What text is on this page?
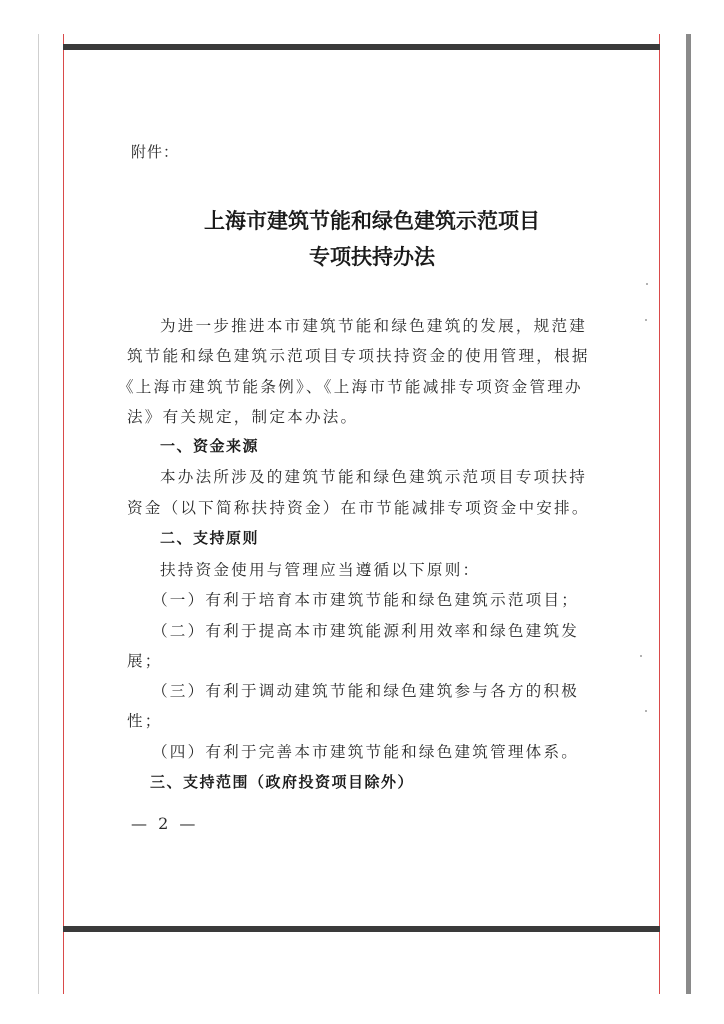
附件：
上海市建筑节能和绿色建筑示范项目
专项扶持办法
为进一步推进本市建筑节能和绿色建筑的发展，规范建
筑节能和绿色建筑示范项目专项扶持资金的使用管理，根据
《上海市建筑节能条例》、《上海市节能减排专项资金管理办
法》有关规定，制定本办法。
一、资金来源
本办法所涉及的建筑节能和绿色建筑示范项目专项扶持
资金（以下简称扶持资金）在市节能减排专项资金中安排。
二、支持原则
扶持资金使用与管理应当遵循以下原则：
（一）有利于培育本市建筑节能和绿色建筑示范项目；
（二）有利于提高本市建筑能源利用效率和绿色建筑发
展；
（三）有利于调动建筑节能和绿色建筑参与各方的积极
性；
（四）有利于完善本市建筑节能和绿色建筑管理体系。
三、支持范围（政府投资项目除外）
— 2 —
